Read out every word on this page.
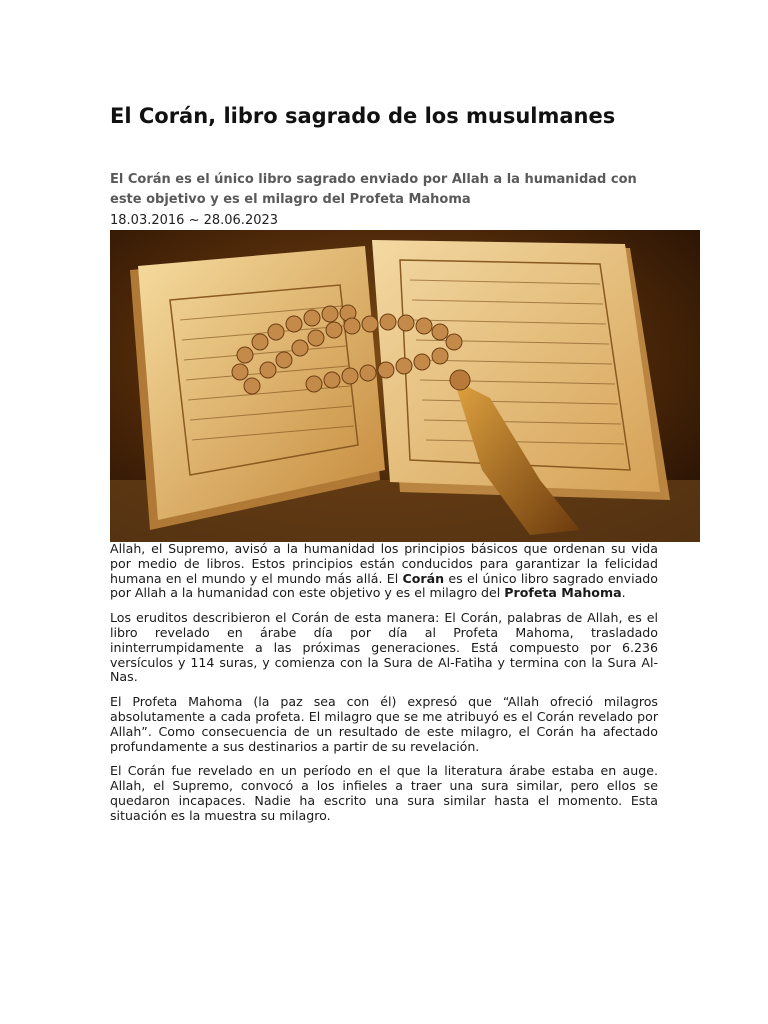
El Corán, libro sagrado de los musulmanes

El Corán es el único libro sagrado enviado por Allah a la humanidad con este objetivo y es el milagro del Profeta Mahoma

18.03.2016 ~ 28.06.2023

Allah, el Supremo, avisó a la humanidad los principios básicos que ordenan su vida por medio de libros. Estos principios están conducidos para garantizar la felicidad humana en el mundo y el mundo más allá. El Corán es el único libro sagrado enviado por Allah a la humanidad con este objetivo y es el milagro del Profeta Mahoma.

Los eruditos describieron el Corán de esta manera: El Corán, palabras de Allah, es el libro revelado en árabe día por día al Profeta Mahoma, trasladado ininterrumpidamente a las próximas generaciones. Está compuesto por 6.236 versículos y 114 suras, y comienza con la Sura de Al-Fatiha y termina con la Sura Al-Nas.

El Profeta Mahoma (la paz sea con él) expresó que “Allah ofreció milagros absolutamente a cada profeta. El milagro que se me atribuyó es el Corán revelado por Allah”. Como consecuencia de un resultado de este milagro, el Corán ha afectado profundamente a sus destinarios a partir de su revelación.

El Corán fue revelado en un período en el que la literatura árabe estaba en auge. Allah, el Supremo, convocó a los infieles a traer una sura similar, pero ellos se quedaron incapaces. Nadie ha escrito una sura similar hasta el momento. Esta situación es la muestra su milagro.
